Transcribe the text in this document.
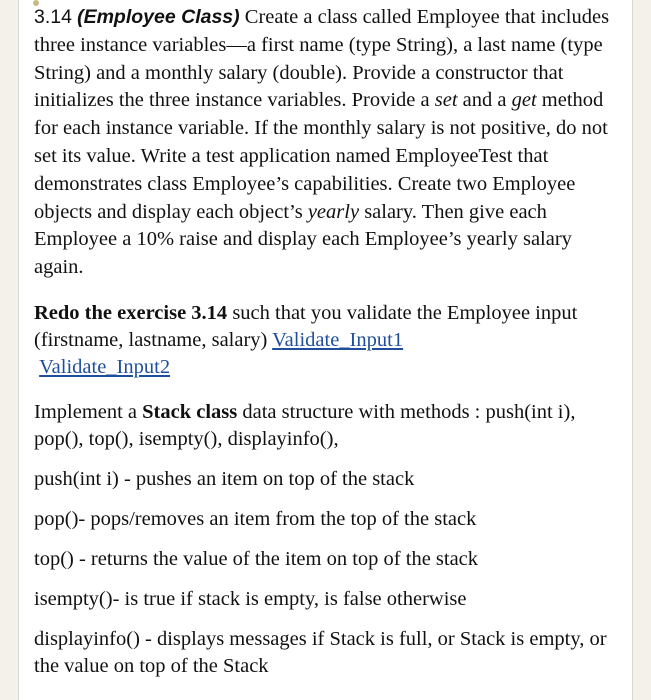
3.14 (Employee Class) Create a class called Employee that includes three instance variables—a first name (type String), a last name (type String) and a monthly salary (double). Provide a constructor that initializes the three instance variables. Provide a set and a get method for each instance variable. If the monthly salary is not positive, do not set its value. Write a test application named EmployeeTest that demonstrates class Employee’s capabilities. Create two Employee objects and display each object’s yearly salary. Then give each Employee a 10% raise and display each Employee’s yearly salary again.

Redo the exercise 3.14 such that you validate the Employee input (firstname, lastname, salary) Validate_Input1
Validate_Input2

Implement a Stack class data structure with methods : push(int i), pop(), top(), isempty(), displayinfo(),

push(int i) - pushes an item on top of the stack

pop()- pops/removes an item from the top of the stack

top() - returns the value of the item on top of the stack

isempty()- is true if stack is empty, is false otherwise

displayinfo() - displays messages if Stack is full, or Stack is empty, or the value on top of the Stack
